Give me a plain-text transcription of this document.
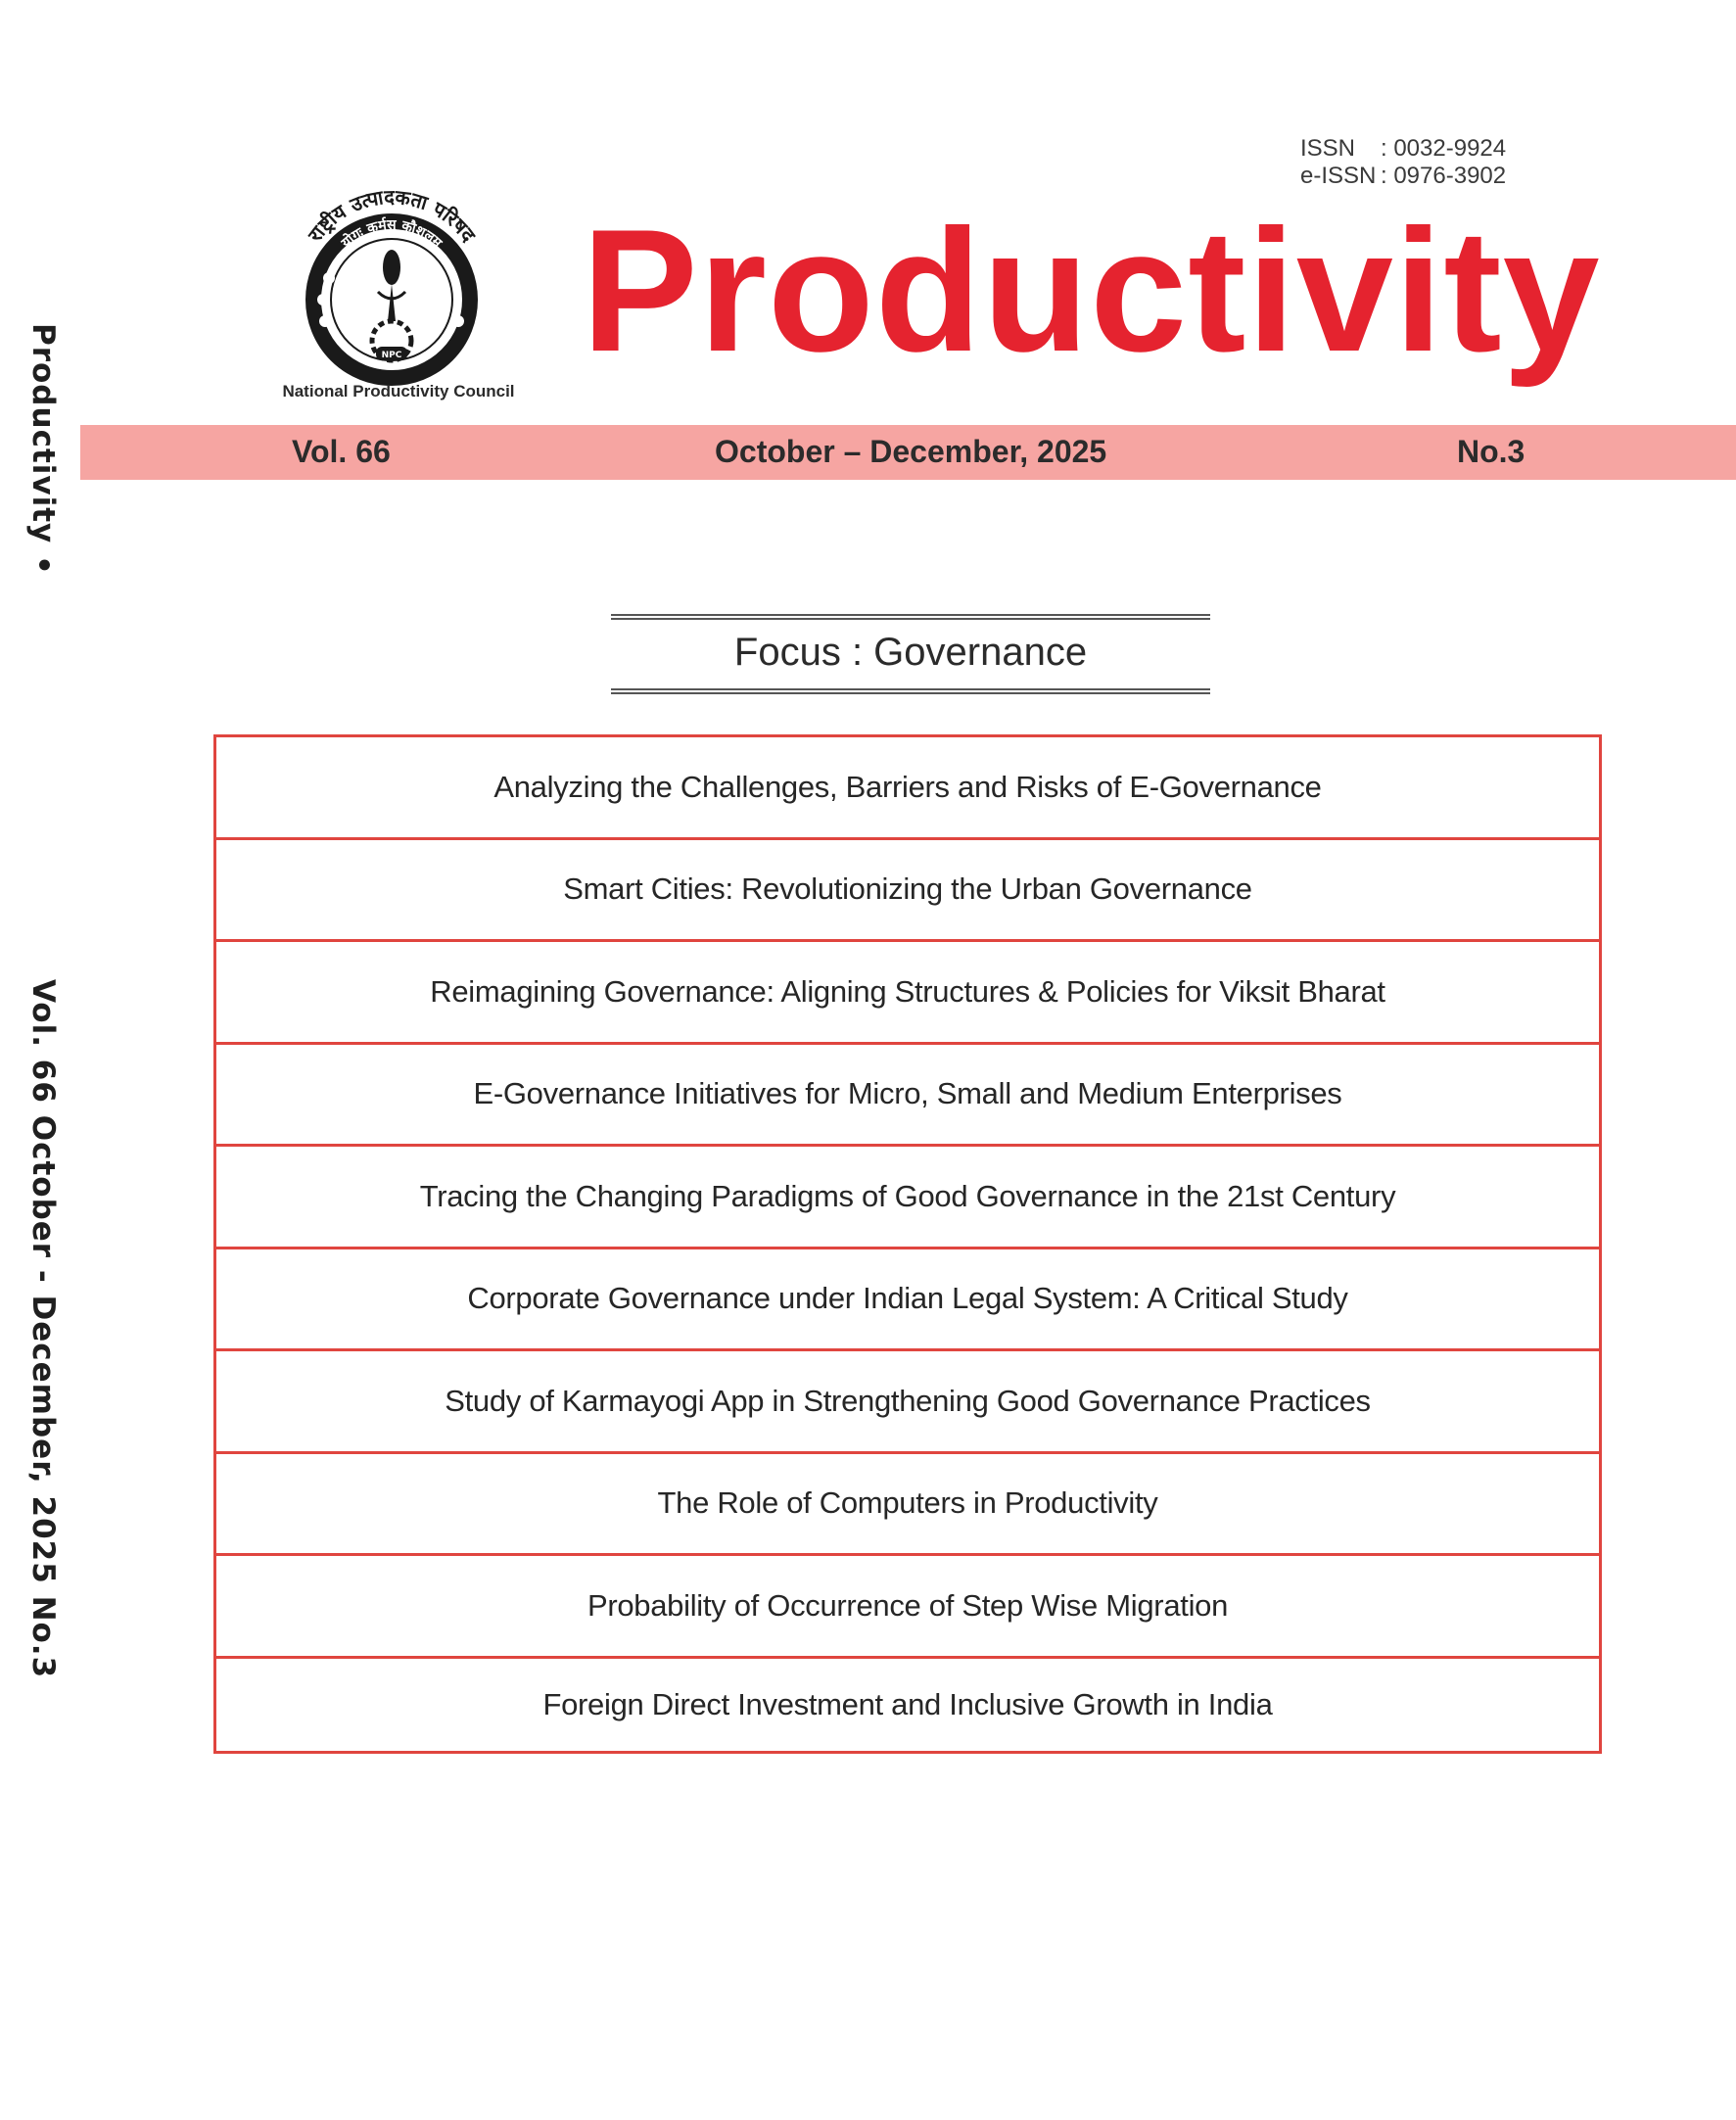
Productivity •
Vol. 66 October - December, 2025 No.3
NPC
राष्ट्रीय उत्पादकता परिषद
योगः कर्मसु कौशलम्
National Productivity Council
ISSN : 0032-9924
e-ISSN : 0976-3902
Productivity
Vol. 66	October – December, 2025	No.3
Focus : Governance
Analyzing the Challenges, Barriers and Risks of E-Governance
Smart Cities: Revolutionizing the Urban Governance
Reimagining Governance: Aligning Structures & Policies for Viksit Bharat
E-Governance Initiatives for Micro, Small and Medium Enterprises
Tracing the Changing Paradigms of Good Governance in the 21st Century
Corporate Governance under Indian Legal System: A Critical Study
Study of Karmayogi App in Strengthening Good Governance Practices
The Role of Computers in Productivity
Probability of Occurrence of Step Wise Migration
Foreign Direct Investment and Inclusive Growth in India
